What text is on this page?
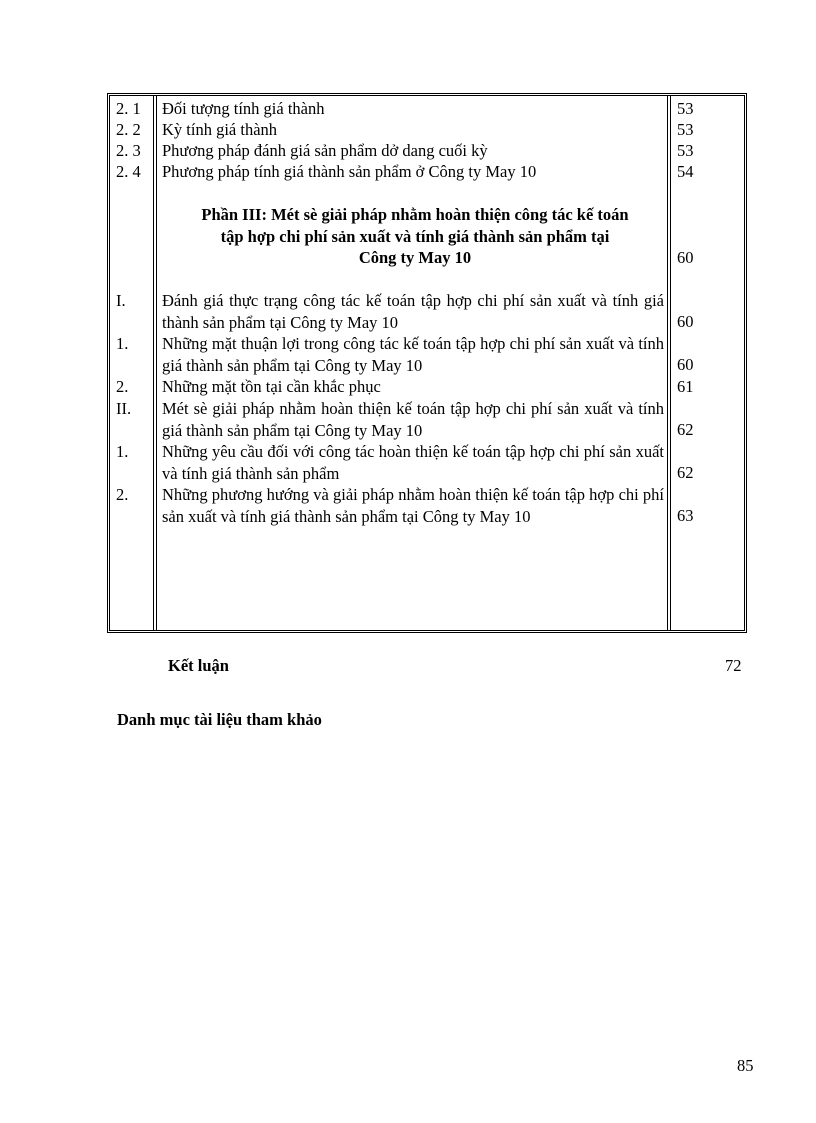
2. 1 Đối tượng tính giá thành	53
2. 2 Kỳ tính giá thành	53
2. 3 Phương pháp đánh giá sản phẩm dở dang cuối kỳ	53
2. 4 Phương pháp tính giá thành sản phẩm ở Công ty May 10	54
Phần III: Mét sè giải pháp nhằm hoàn thiện công tác kế toán
tập hợp chi phí sản xuất và tính giá thành sản phẩm tại
Công ty May 10	60
I. Đánh giá thực trạng công tác kế toán tập hợp chi phí sản xuất và tính giá thành sản phẩm tại Công ty May 10	60
1. Những mặt thuận lợi trong công tác kế toán tập hợp chi phí sản xuất và tính giá thành sản phẩm tại Công ty May 10	60
2. Những mặt tồn tại cần khắc phục	61
II. Mét sè giải pháp nhằm hoàn thiện kế toán tập hợp chi phí sản xuất và tính giá thành sản phẩm tại Công ty May 10	62
1. Những yêu cầu đối với công tác hoàn thiện kế toán tập hợp chi phí sản xuất và tính giá thành sản phẩm	62
2. Những phương hướng và giải pháp nhằm hoàn thiện kế toán tập hợp chi phí sản xuất và tính giá thành sản phẩm tại Công ty May 10	63
Kết luận	72
Danh mục tài liệu tham khảo
85
